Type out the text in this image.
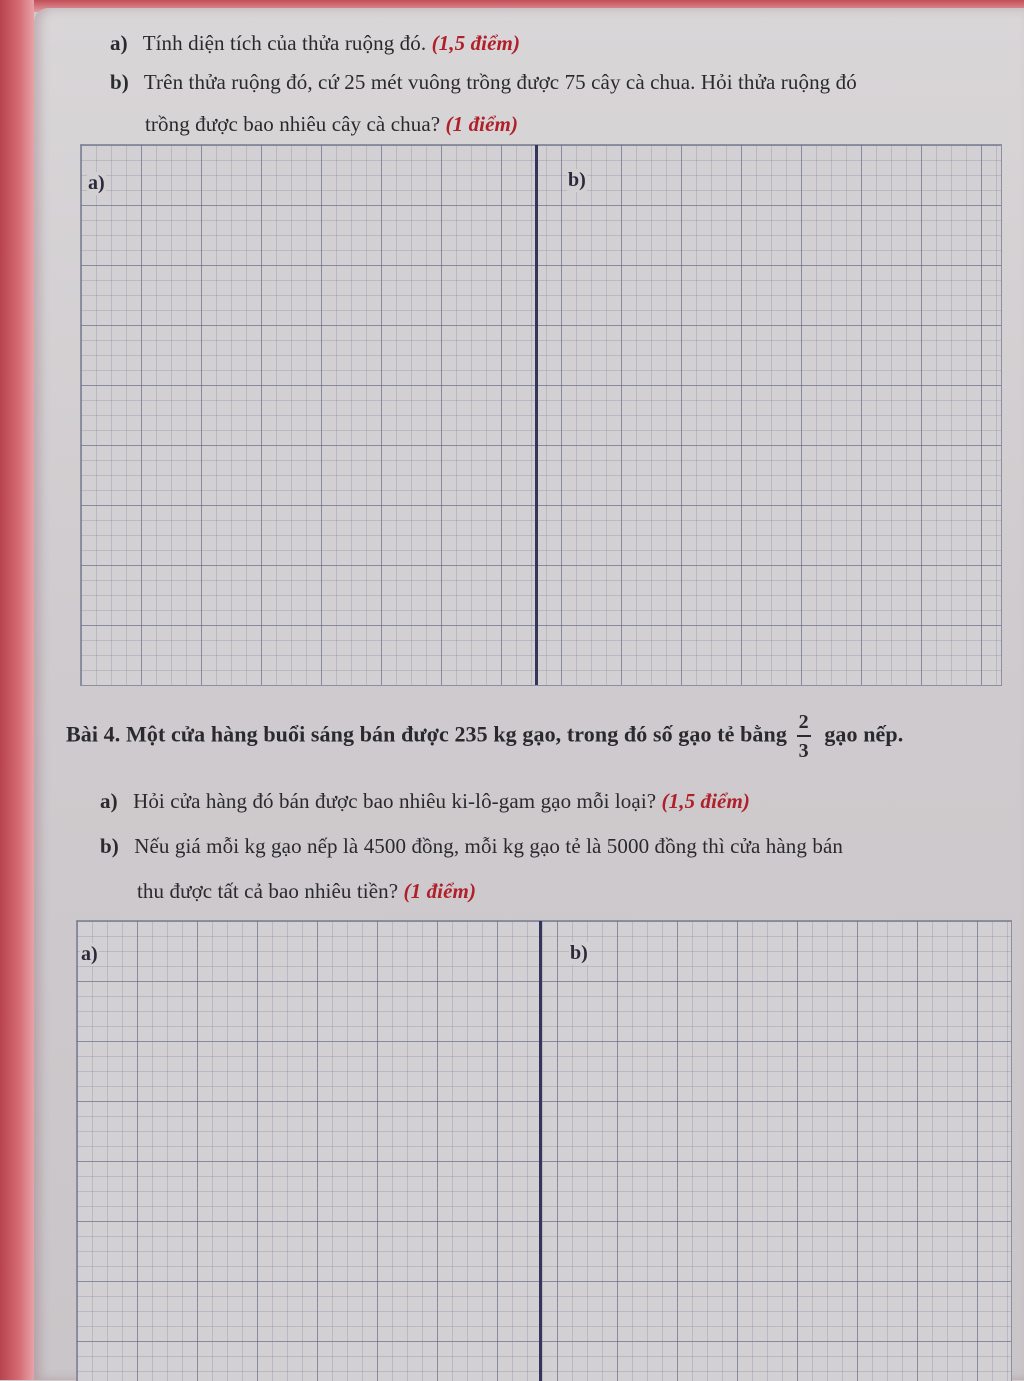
a) Tính diện tích của thửa ruộng đó. (1,5 điểm)
b) Trên thửa ruộng đó, cứ 25 mét vuông trồng được 75 cây cà chua. Hỏi thửa ruộng đó
trồng được bao nhiêu cây cà chua? (1 điểm)
a)	b)
Bài 4. Một cửa hàng buổi sáng bán được 235 kg gạo, trong đó số gạo tẻ bằng $\frac{2}{3}$ gạo nếp.
a) Hỏi cửa hàng đó bán được bao nhiêu ki-lô-gam gạo mỗi loại? (1,5 điểm)
b) Nếu giá mỗi kg gạo nếp là 4500 đồng, mỗi kg gạo tẻ là 5000 đồng thì cửa hàng bán
thu được tất cả bao nhiêu tiền? (1 điểm)
a)	b)
